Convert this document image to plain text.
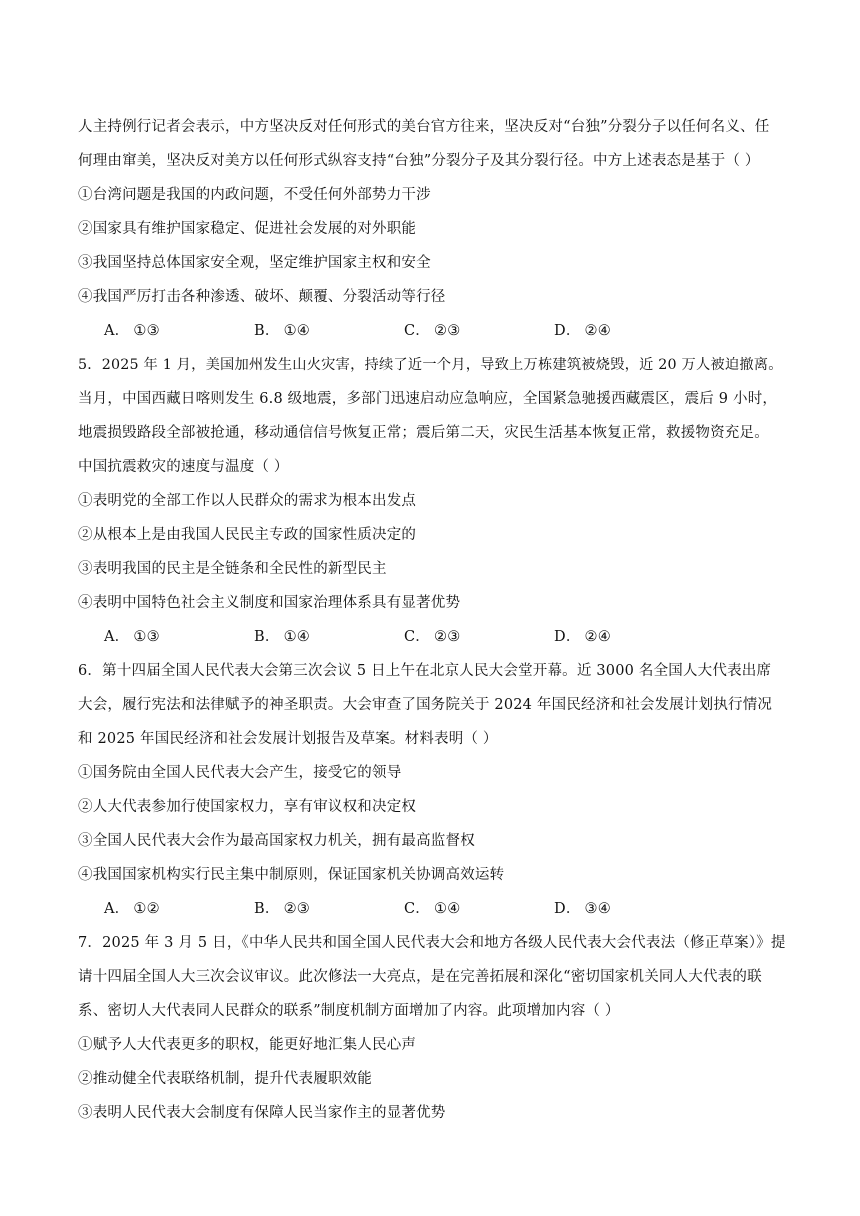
人主持例行记者会表示，中方坚决反对任何形式的美台官方往来，坚决反对“台独”分裂分子以任何名义、任
何理由窜美，坚决反对美方以任何形式纵容支持“台独”分裂分子及其分裂行径。中方上述表态是基于（ ）
①台湾问题是我国的内政问题，不受任何外部势力干涉
②国家具有维护国家稳定、促进社会发展的对外职能
③我国坚持总体国家安全观，坚定维护国家主权和安全
④我国严厉打击各种渗透、破坏、颠覆、分裂活动等行径
A． ①③	B． ①④	C． ②③	D． ②④
5．2025 年 1 月，美国加州发生山火灾害，持续了近一个月，导致上万栋建筑被烧毁，近 20 万人被迫撤离。
当月，中国西藏日喀则发生 6.8 级地震，多部门迅速启动应急响应，全国紧急驰援西藏震区，震后 9 小时，
地震损毁路段全部被抢通，移动通信信号恢复正常；震后第二天，灾民生活基本恢复正常，救援物资充足。
中国抗震救灾的速度与温度（ ）
①表明党的全部工作以人民群众的需求为根本出发点
②从根本上是由我国人民民主专政的国家性质决定的
③表明我国的民主是全链条和全民性的新型民主
④表明中国特色社会主义制度和国家治理体系具有显著优势
A． ①③	B． ①④	C． ②③	D． ②④
6．第十四届全国人民代表大会第三次会议 5 日上午在北京人民大会堂开幕。近 3000 名全国人大代表出席
大会，履行宪法和法律赋予的神圣职责。大会审查了国务院关于 2024 年国民经济和社会发展计划执行情况
和 2025 年国民经济和社会发展计划报告及草案。材料表明（ ）
①国务院由全国人民代表大会产生，接受它的领导
②人大代表参加行使国家权力，享有审议权和决定权
③全国人民代表大会作为最高国家权力机关，拥有最高监督权
④我国国家机构实行民主集中制原则，保证国家机关协调高效运转
A． ①②	B． ②③	C． ①④	D． ③④
7．2025 年 3 月 5 日，《中华人民共和国全国人民代表大会和地方各级人民代表大会代表法（修正草案）》提
请十四届全国人大三次会议审议。此次修法一大亮点，是在完善拓展和深化“密切国家机关同人大代表的联
系、密切人大代表同人民群众的联系”制度机制方面增加了内容。此项增加内容（ ）
①赋予人大代表更多的职权，能更好地汇集人民心声
②推动健全代表联络机制，提升代表履职效能
③表明人民代表大会制度有保障人民当家作主的显著优势
